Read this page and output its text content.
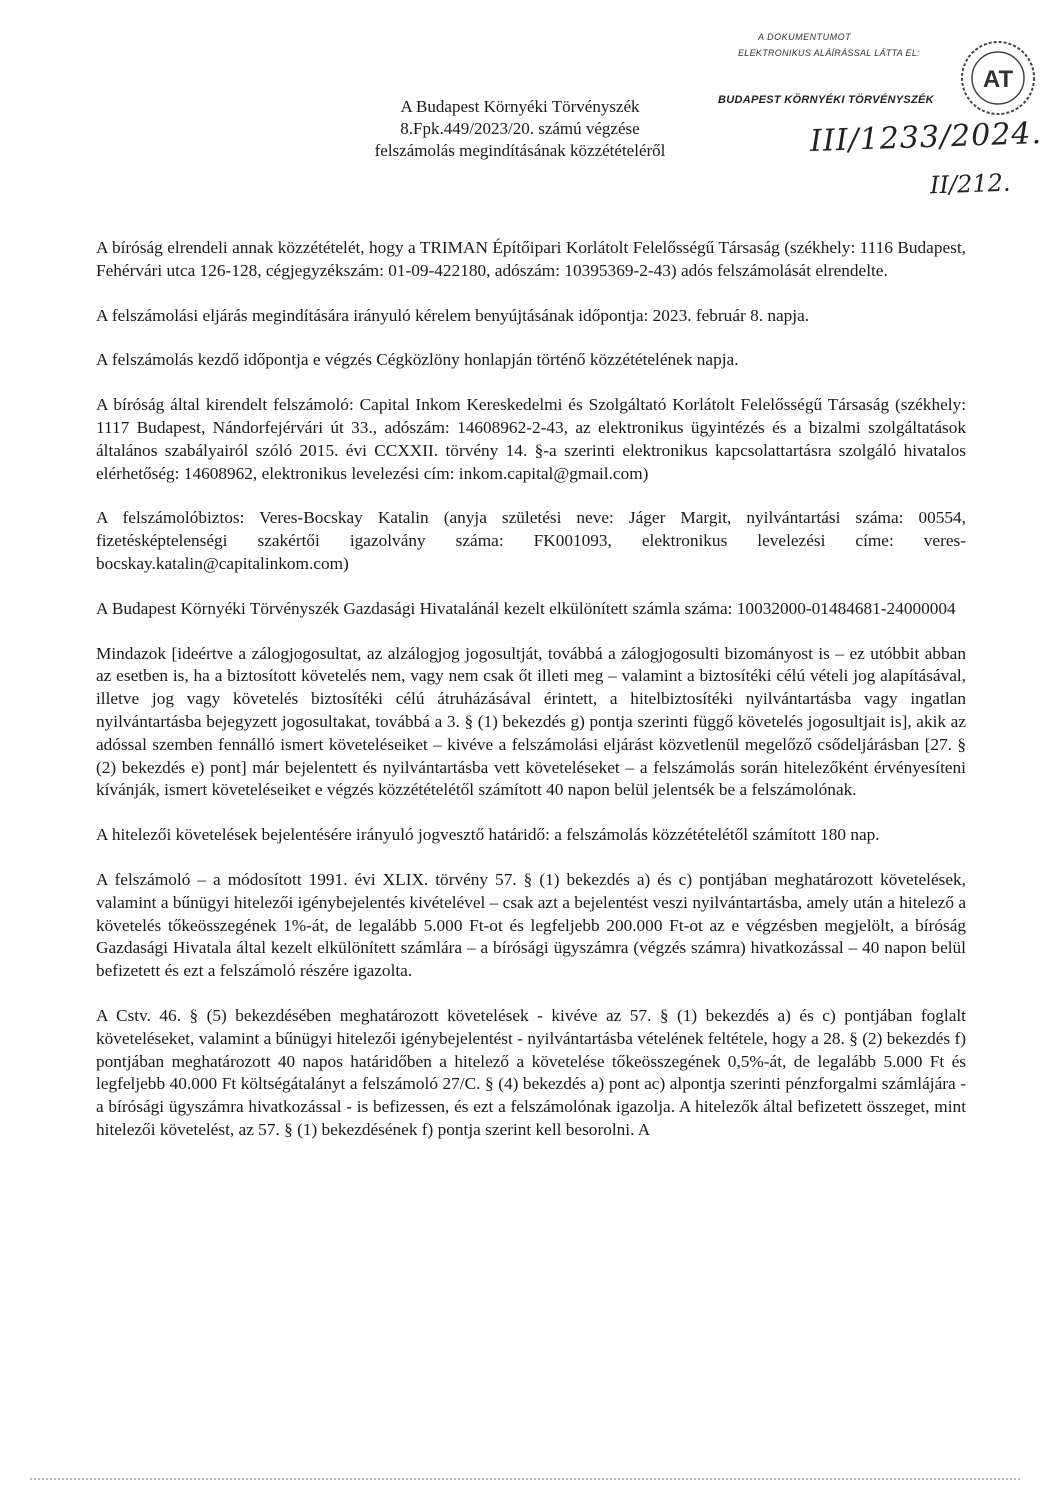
A DOKUMENTUMOT
ELEKTRONIKUS ALÁÍRÁSSAL LÁTTA EL:
AT
BUDAPEST KÖRNYÉKI TÖRVÉNYSZÉK
III/1233/2024.
II/212.
A Budapest Környéki Törvényszék
8.Fpk.449/2023/20. számú végzése
felszámolás megindításának közzétételéről

A bíróság elrendeli annak közzétételét, hogy a TRIMAN Építőipari Korlátolt Felelősségű Társaság (székhely: 1116 Budapest, Fehérvári utca 126-128, cégjegyzékszám: 01-09-422180, adószám: 10395369-2-43) adós felszámolását elrendelte.

A felszámolási eljárás megindítására irányuló kérelem benyújtásának időpontja: 2023. február 8. napja.

A felszámolás kezdő időpontja e végzés Cégközlöny honlapján történő közzétételének napja.

A bíróság által kirendelt felszámoló: Capital Inkom Kereskedelmi és Szolgáltató Korlátolt Felelősségű Társaság (székhely: 1117 Budapest, Nándorfejérvári út 33., adószám: 14608962-2-43, az elektronikus ügyintézés és a bizalmi szolgáltatások általános szabályairól szóló 2015. évi CCXXII. törvény 14. §-a szerinti elektronikus kapcsolattartásra szolgáló hivatalos elérhetőség: 14608962, elektronikus levelezési cím: inkom.capital@gmail.com)

A felszámolóbiztos: Veres-Bocskay Katalin (anyja születési neve: Jáger Margit, nyilvántartási száma: 00554, fizetésképtelenségi szakértői igazolvány száma: FK001093, elektronikus levelezési címe: veres-bocskay.katalin@capitalinkom.com)

A Budapest Környéki Törvényszék Gazdasági Hivatalánál kezelt elkülönített számla száma: 10032000-01484681-24000004

Mindazok [ideértve a zálogjogosultat, az alzálogjog jogosultját, továbbá a zálogjogosulti bizományost is – ez utóbbit abban az esetben is, ha a biztosított követelés nem, vagy nem csak őt illeti meg – valamint a biztosítéki célú vételi jog alapításával, illetve jog vagy követelés biztosítéki célú átruházásával érintett, a hitelbiztosítéki nyilvántartásba vagy ingatlan nyilvántartásba bejegyzett jogosultakat, továbbá a 3. § (1) bekezdés g) pontja szerinti függő követelés jogosultjait is], akik az adóssal szemben fennálló ismert követeléseiket – kivéve a felszámolási eljárást közvetlenül megelőző csődeljárásban [27. § (2) bekezdés e) pont] már bejelentett és nyilvántartásba vett követeléseket – a felszámolás során hitelezőként érvényesíteni kívánják, ismert követeléseiket e végzés közzétételétől számított 40 napon belül jelentsék be a felszámolónak.

A hitelezői követelések bejelentésére irányuló jogvesztő határidő: a felszámolás közzétételétől számított 180 nap.

A felszámoló – a módosított 1991. évi XLIX. törvény 57. § (1) bekezdés a) és c) pontjában meghatározott követelések, valamint a bűnügyi hitelezői igénybejelentés kivételével – csak azt a bejelentést veszi nyilvántartásba, amely után a hitelező a követelés tőkeösszegének 1%-át, de legalább 5.000 Ft-ot és legfeljebb 200.000 Ft-ot az e végzésben megjelölt, a bíróság Gazdasági Hivatala által kezelt elkülönített számlára – a bírósági ügyszámra (végzés számra) hivatkozással – 40 napon belül befizetett és ezt a felszámoló részére igazolta.

A Cstv. 46. § (5) bekezdésében meghatározott követelések - kivéve az 57. § (1) bekezdés a) és c) pontjában foglalt követeléseket, valamint a bűnügyi hitelezői igénybejelentést - nyilvántartásba vételének feltétele, hogy a 28. § (2) bekezdés f) pontjában meghatározott 40 napos határidőben a hitelező a követelése tőkeösszegének 0,5%-át, de legalább 5.000 Ft és legfeljebb 40.000 Ft költségátalányt a felszámoló 27/C. § (4) bekezdés a) pont ac) alpontja szerinti pénzforgalmi számlájára - a bírósági ügyszámra hivatkozással - is befizessen, és ezt a felszámolónak igazolja. A hitelezők által befizetett összeget, mint hitelezői követelést, az 57. § (1) bekezdésének f) pontja szerint kell besorolni. A
